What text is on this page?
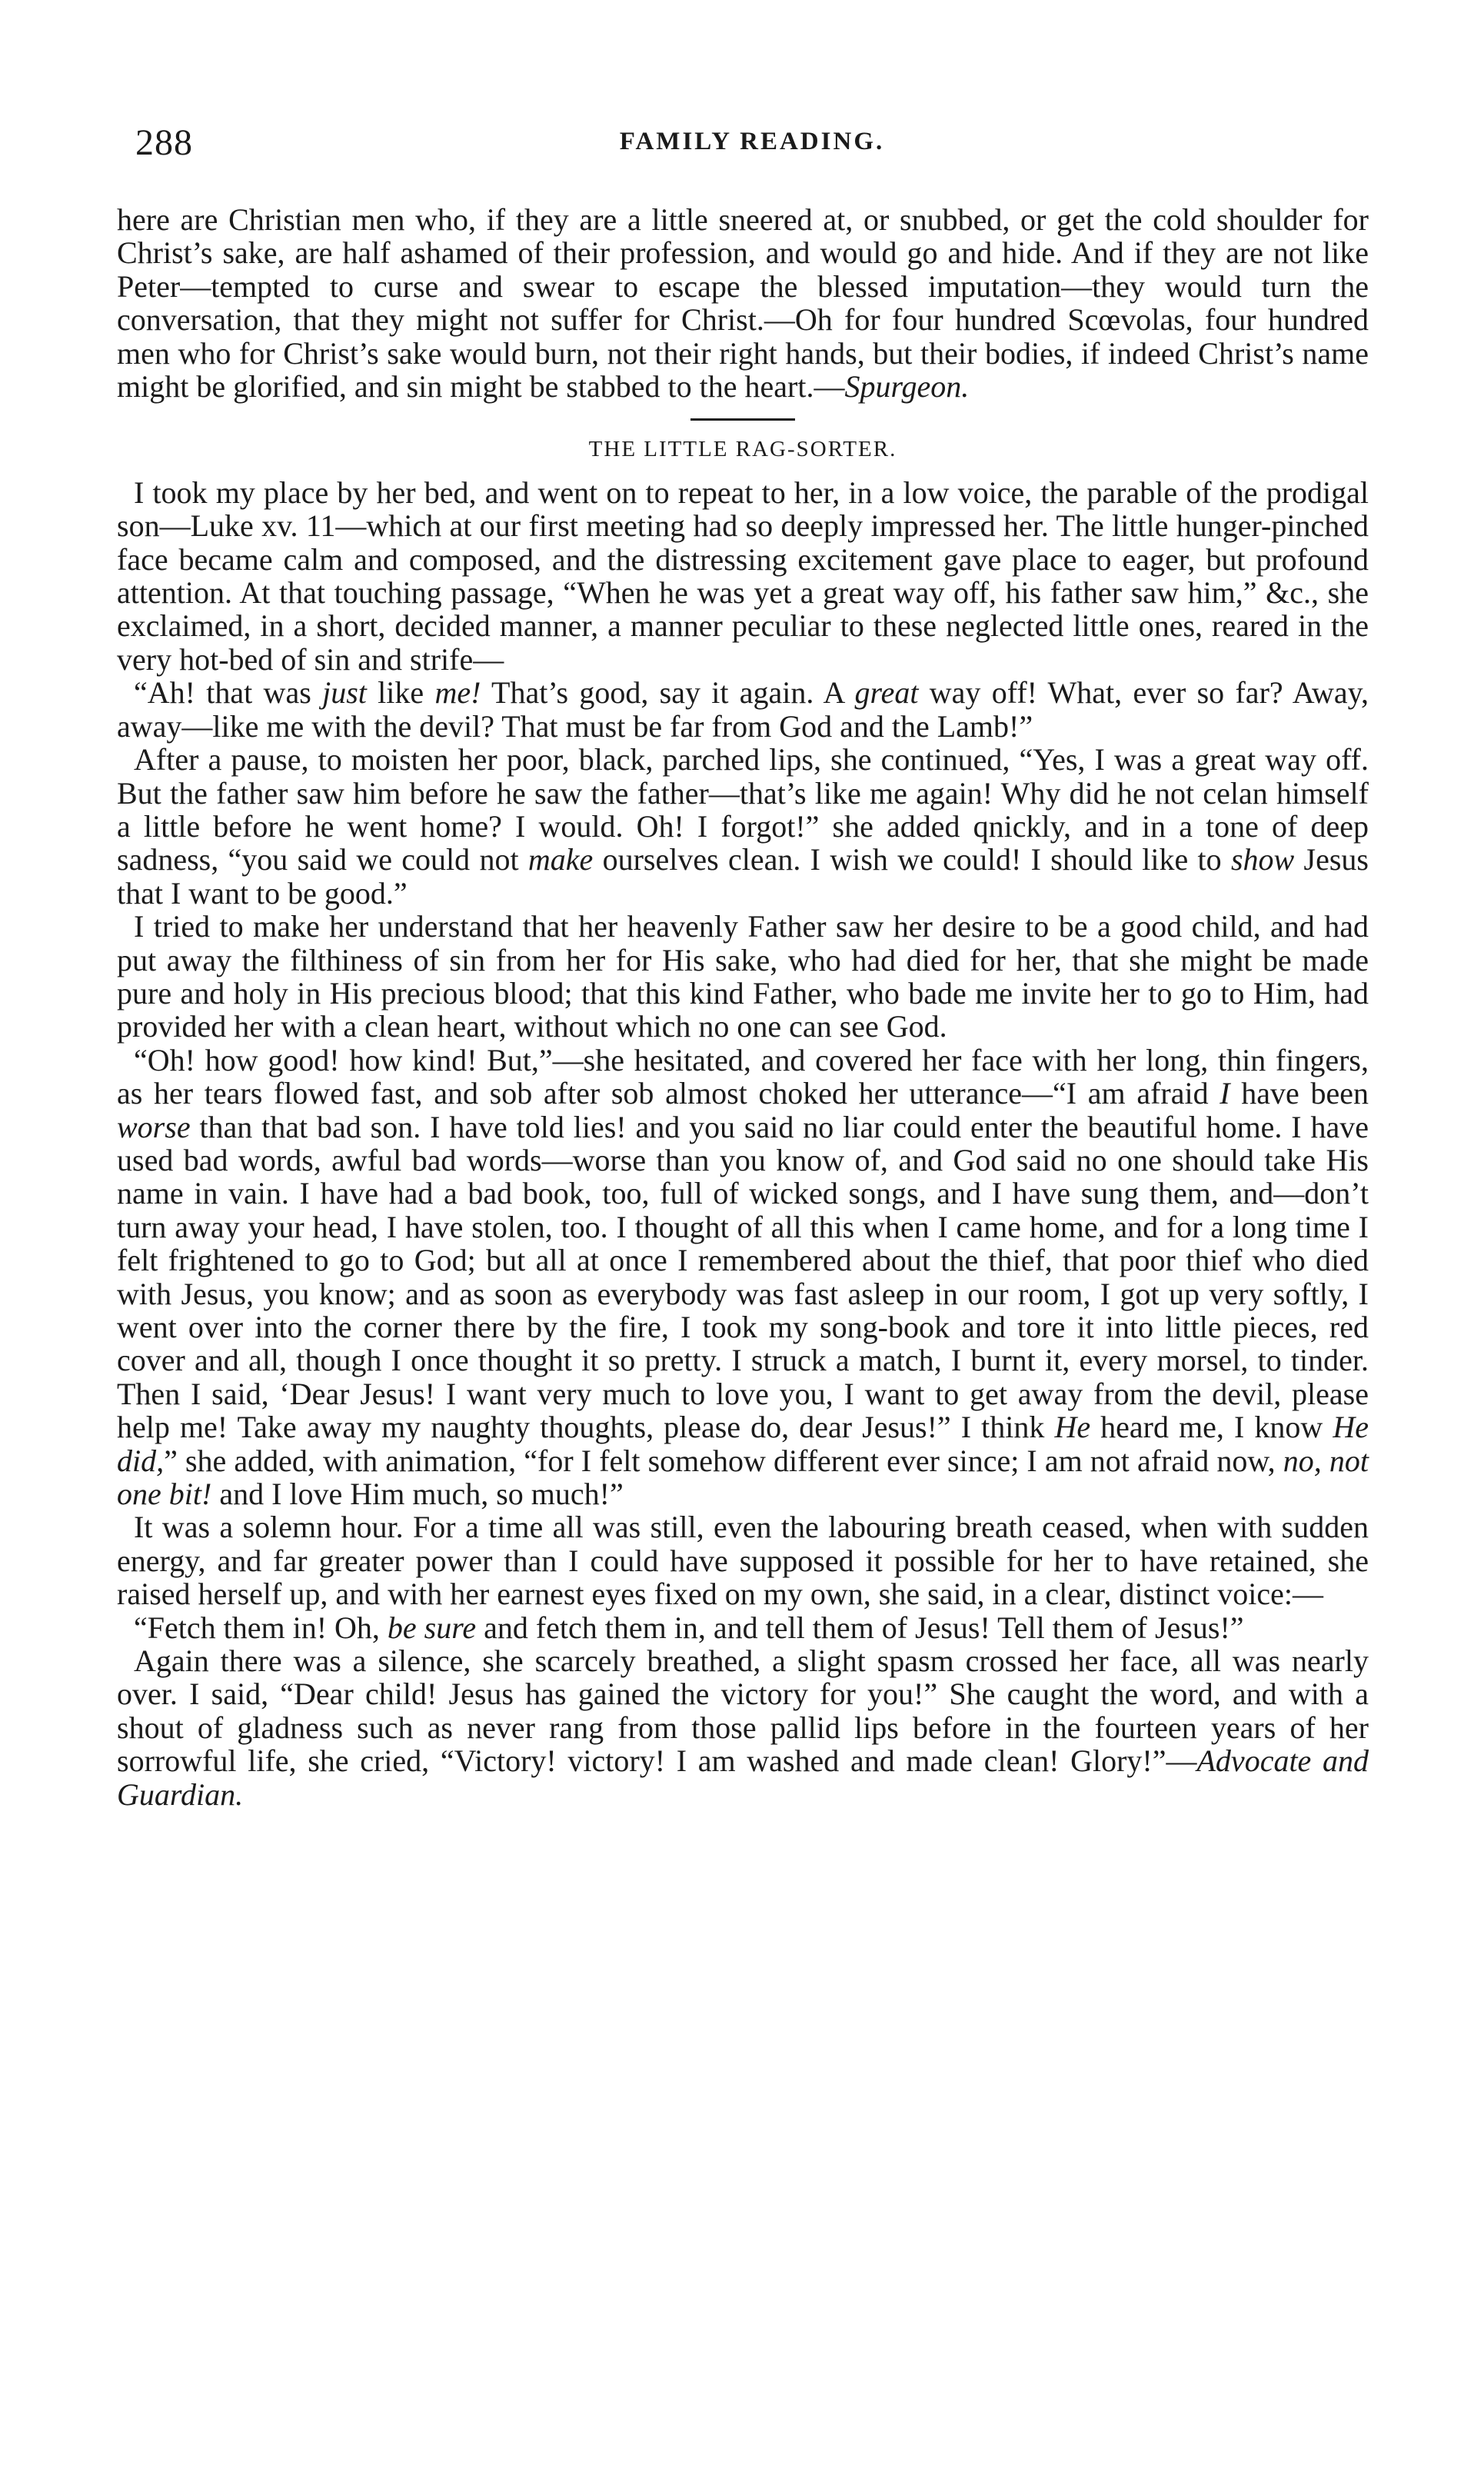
288	FAMILY READING.

here are Christian men who, if they are a little sneered at, or snubbed, or get the cold shoulder for Christ’s sake, are half ashamed of their profession, and would go and hide. And if they are not like Peter—tempted to curse and swear to escape the blessed imputation—they would turn the conversation, that they might not suffer for Christ.—Oh for four hundred Scœvolas, four hundred men who for Christ’s sake would burn, not their right hands, but their bodies, if indeed Christ’s name might be glorified, and sin might be stabbed to the heart.—Spurgeon.

THE LITTLE RAG-SORTER.

I took my place by her bed, and went on to repeat to her, in a low voice, the parable of the prodigal son—Luke xv. 11—which at our first meeting had so deeply impressed her. The little hunger-pinched face became calm and composed, and the distressing excitement gave place to eager, but profound attention. At that touching passage, “When he was yet a great way off, his father saw him,” &c., she exclaimed, in a short, decided manner, a manner peculiar to these neglected little ones, reared in the very hot-bed of sin and strife—

“Ah! that was just like me! That’s good, say it again. A great way off! What, ever so far? Away, away—like me with the devil? That must be far from God and the Lamb!”

After a pause, to moisten her poor, black, parched lips, she continued, “Yes, I was a great way off. But the father saw him before he saw the father—that’s like me again! Why did he not celan himself a little before he went home? I would. Oh! I forgot!” she added qnickly, and in a tone of deep sadness, “you said we could not make ourselves clean. I wish we could! I should like to show Jesus that I want to be good.”

I tried to make her understand that her heavenly Father saw her desire to be a good child, and had put away the filthiness of sin from her for His sake, who had died for her, that she might be made pure and holy in His precious blood; that this kind Father, who bade me invite her to go to Him, had provided her with a clean heart, without which no one can see God.

“Oh! how good! how kind! But,”—she hesitated, and covered her face with her long, thin fingers, as her tears flowed fast, and sob after sob almost choked her utterance—“I am afraid I have been worse than that bad son. I have told lies! and you said no liar could enter the beautiful home. I have used bad words, awful bad words—worse than you know of, and God said no one should take His name in vain. I have had a bad book, too, full of wicked songs, and I have sung them, and—don’t turn away your head, I have stolen, too. I thought of all this when I came home, and for a long time I felt frightened to go to God; but all at once I remembered about the thief, that poor thief who died with Jesus, you know; and as soon as everybody was fast asleep in our room, I got up very softly, I went over into the corner there by the fire, I took my song-book and tore it into little pieces, red cover and all, though I once thought it so pretty. I struck a match, I burnt it, every morsel, to tinder. Then I said, ‘Dear Jesus! I want very much to love you, I want to get away from the devil, please help me! Take away my naughty thoughts, please do, dear Jesus!” I think He heard me, I know He did,” she added, with animation, “for I felt somehow different ever since; I am not afraid now, no, not one bit! and I love Him much, so much!”

It was a solemn hour. For a time all was still, even the labouring breath ceased, when with sudden energy, and far greater power than I could have supposed it possible for her to have retained, she raised herself up, and with her earnest eyes fixed on my own, she said, in a clear, distinct voice:—

“Fetch them in! Oh, be sure and fetch them in, and tell them of Jesus! Tell them of Jesus!”

Again there was a silence, she scarcely breathed, a slight spasm crossed her face, all was nearly over. I said, “Dear child! Jesus has gained the victory for you!” She caught the word, and with a shout of gladness such as never rang from those pallid lips before in the fourteen years of her sorrowful life, she cried, “Victory! victory! I am washed and made clean! Glory!”—Advocate and Guardian.
